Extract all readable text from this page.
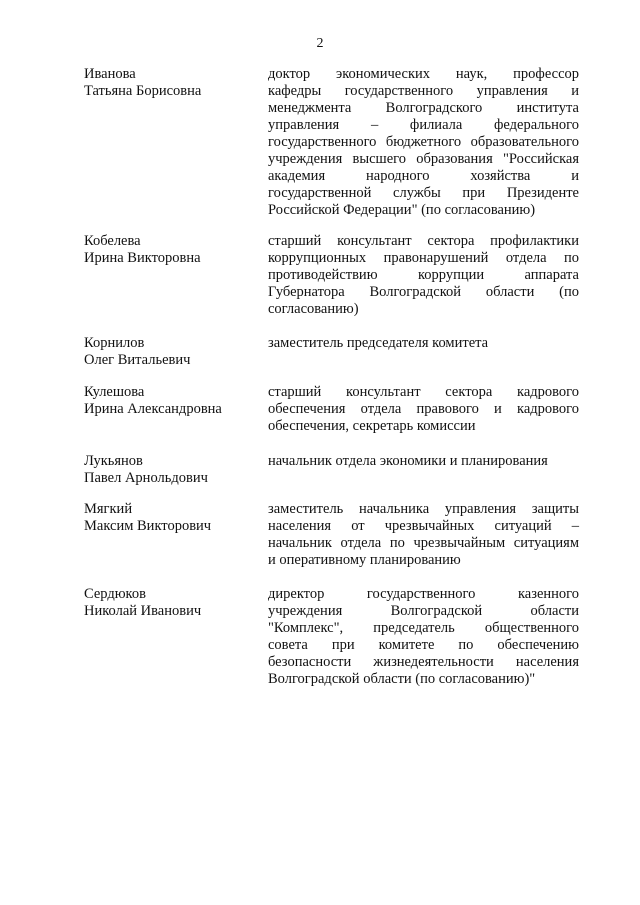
2
Иванова
Татьяна Борисовна
доктор экономических наук, профессор
кафедры государственного управления и
менеджмента Волгоградского института
управления – филиала федерального
государственного бюджетного образовательного
учреждения высшего образования "Российская
академия народного хозяйства и
государственной службы при Президенте
Российской Федерации" (по согласованию)
Кобелева
Ирина Викторовна
старший консультант сектора профилактики
коррупционных правонарушений отдела по
противодействию коррупции аппарата
Губернатора Волгоградской области (по
согласованию)
Корнилов
Олег Витальевич
заместитель председателя комитета
Кулешова
Ирина Александровна
старший консультант сектора кадрового
обеспечения отдела правового и кадрового
обеспечения, секретарь комиссии
Лукьянов
Павел Арнольдович
начальник отдела экономики и планирования
Мягкий
Максим Викторович
заместитель начальника управления защиты
населения от чрезвычайных ситуаций –
начальник отдела по чрезвычайным ситуациям
и оперативному планированию
Сердюков
Николай Иванович
директор государственного казенного
учреждения Волгоградской области
"Комплекс", председатель общественного
совета при комитете по обеспечению
безопасности жизнедеятельности населения
Волгоградской области (по согласованию)"
